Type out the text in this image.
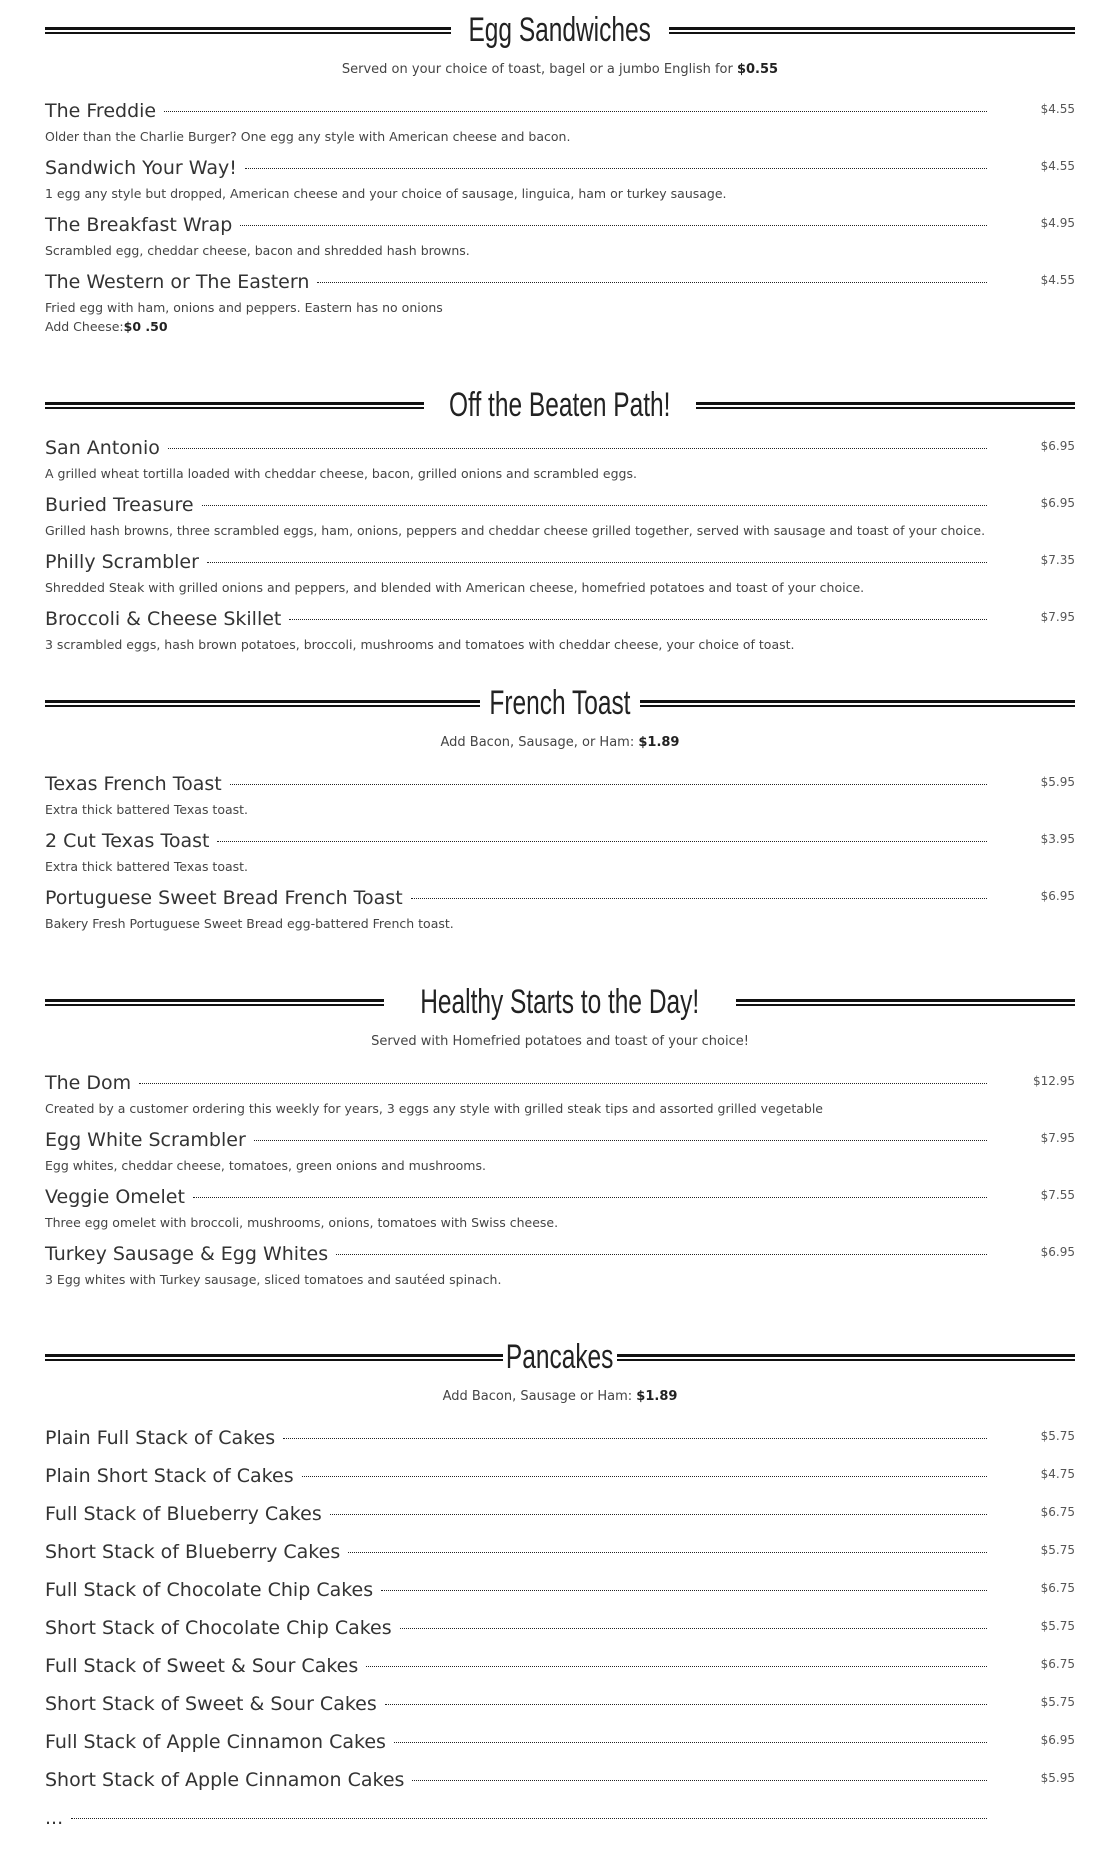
sirved
Egg Sandwiches
Served on your choice of toast, bagel or a jumbo English for $0.55
The Freddie	$4.55
Older than the Charlie Burger? One egg any style with American cheese and bacon.
Sandwich Your Way!	$4.55
1 egg any style but dropped, American cheese and your choice of sausage, linguica, ham or turkey sausage.
The Breakfast Wrap	$4.95
Scrambled egg, cheddar cheese, bacon and shredded hash browns.
The Western or The Eastern	$4.55
Fried egg with ham, onions and peppers. Eastern has no onions
Add Cheese:$0 .50
Off the Beaten Path!
San Antonio	$6.95
A grilled wheat tortilla loaded with cheddar cheese, bacon, grilled onions and scrambled eggs.
Buried Treasure	$6.95
Grilled hash browns, three scrambled eggs, ham, onions, peppers and cheddar cheese grilled together, served with sausage and toast of your choice.
Philly Scrambler	$7.35
Shredded Steak with grilled onions and peppers, and blended with American cheese, homefried potatoes and toast of your choice.
Broccoli & Cheese Skillet	$7.95
3 scrambled eggs, hash brown potatoes, broccoli, mushrooms and tomatoes with cheddar cheese, your choice of toast.
French Toast
Add Bacon, Sausage, or Ham: $1.89
Texas French Toast	$5.95
Extra thick battered Texas toast.
2 Cut Texas Toast	$3.95
Extra thick battered Texas toast.
Portuguese Sweet Bread French Toast	$6.95
Bakery Fresh Portuguese Sweet Bread egg-battered French toast.
Healthy Starts to the Day!
Served with Homefried potatoes and toast of your choice!
The Dom	$12.95
Created by a customer ordering this weekly for years, 3 eggs any style with grilled steak tips and assorted grilled vegetable
Egg White Scrambler	$7.95
Egg whites, cheddar cheese, tomatoes, green onions and mushrooms.
Veggie Omelet	$7.55
Three egg omelet with broccoli, mushrooms, onions, tomatoes with Swiss cheese.
Turkey Sausage & Egg Whites	$6.95
3 Egg whites with Turkey sausage, sliced tomatoes and sautéed spinach.
Pancakes
Add Bacon, Sausage or Ham: $1.89
Plain Full Stack of Cakes	$5.75
Plain Short Stack of Cakes	$4.75
Full Stack of Blueberry Cakes	$6.75
Short Stack of Blueberry Cakes	$5.75
Full Stack of Chocolate Chip Cakes	$6.75
Short Stack of Chocolate Chip Cakes	$5.75
Full Stack of Sweet & Sour Cakes	$6.75
Short Stack of Sweet & Sour Cakes	$5.75
Full Stack of Apple Cinnamon Cakes	$6.95
Short Stack of Apple Cinnamon Cakes	$5.95
...
